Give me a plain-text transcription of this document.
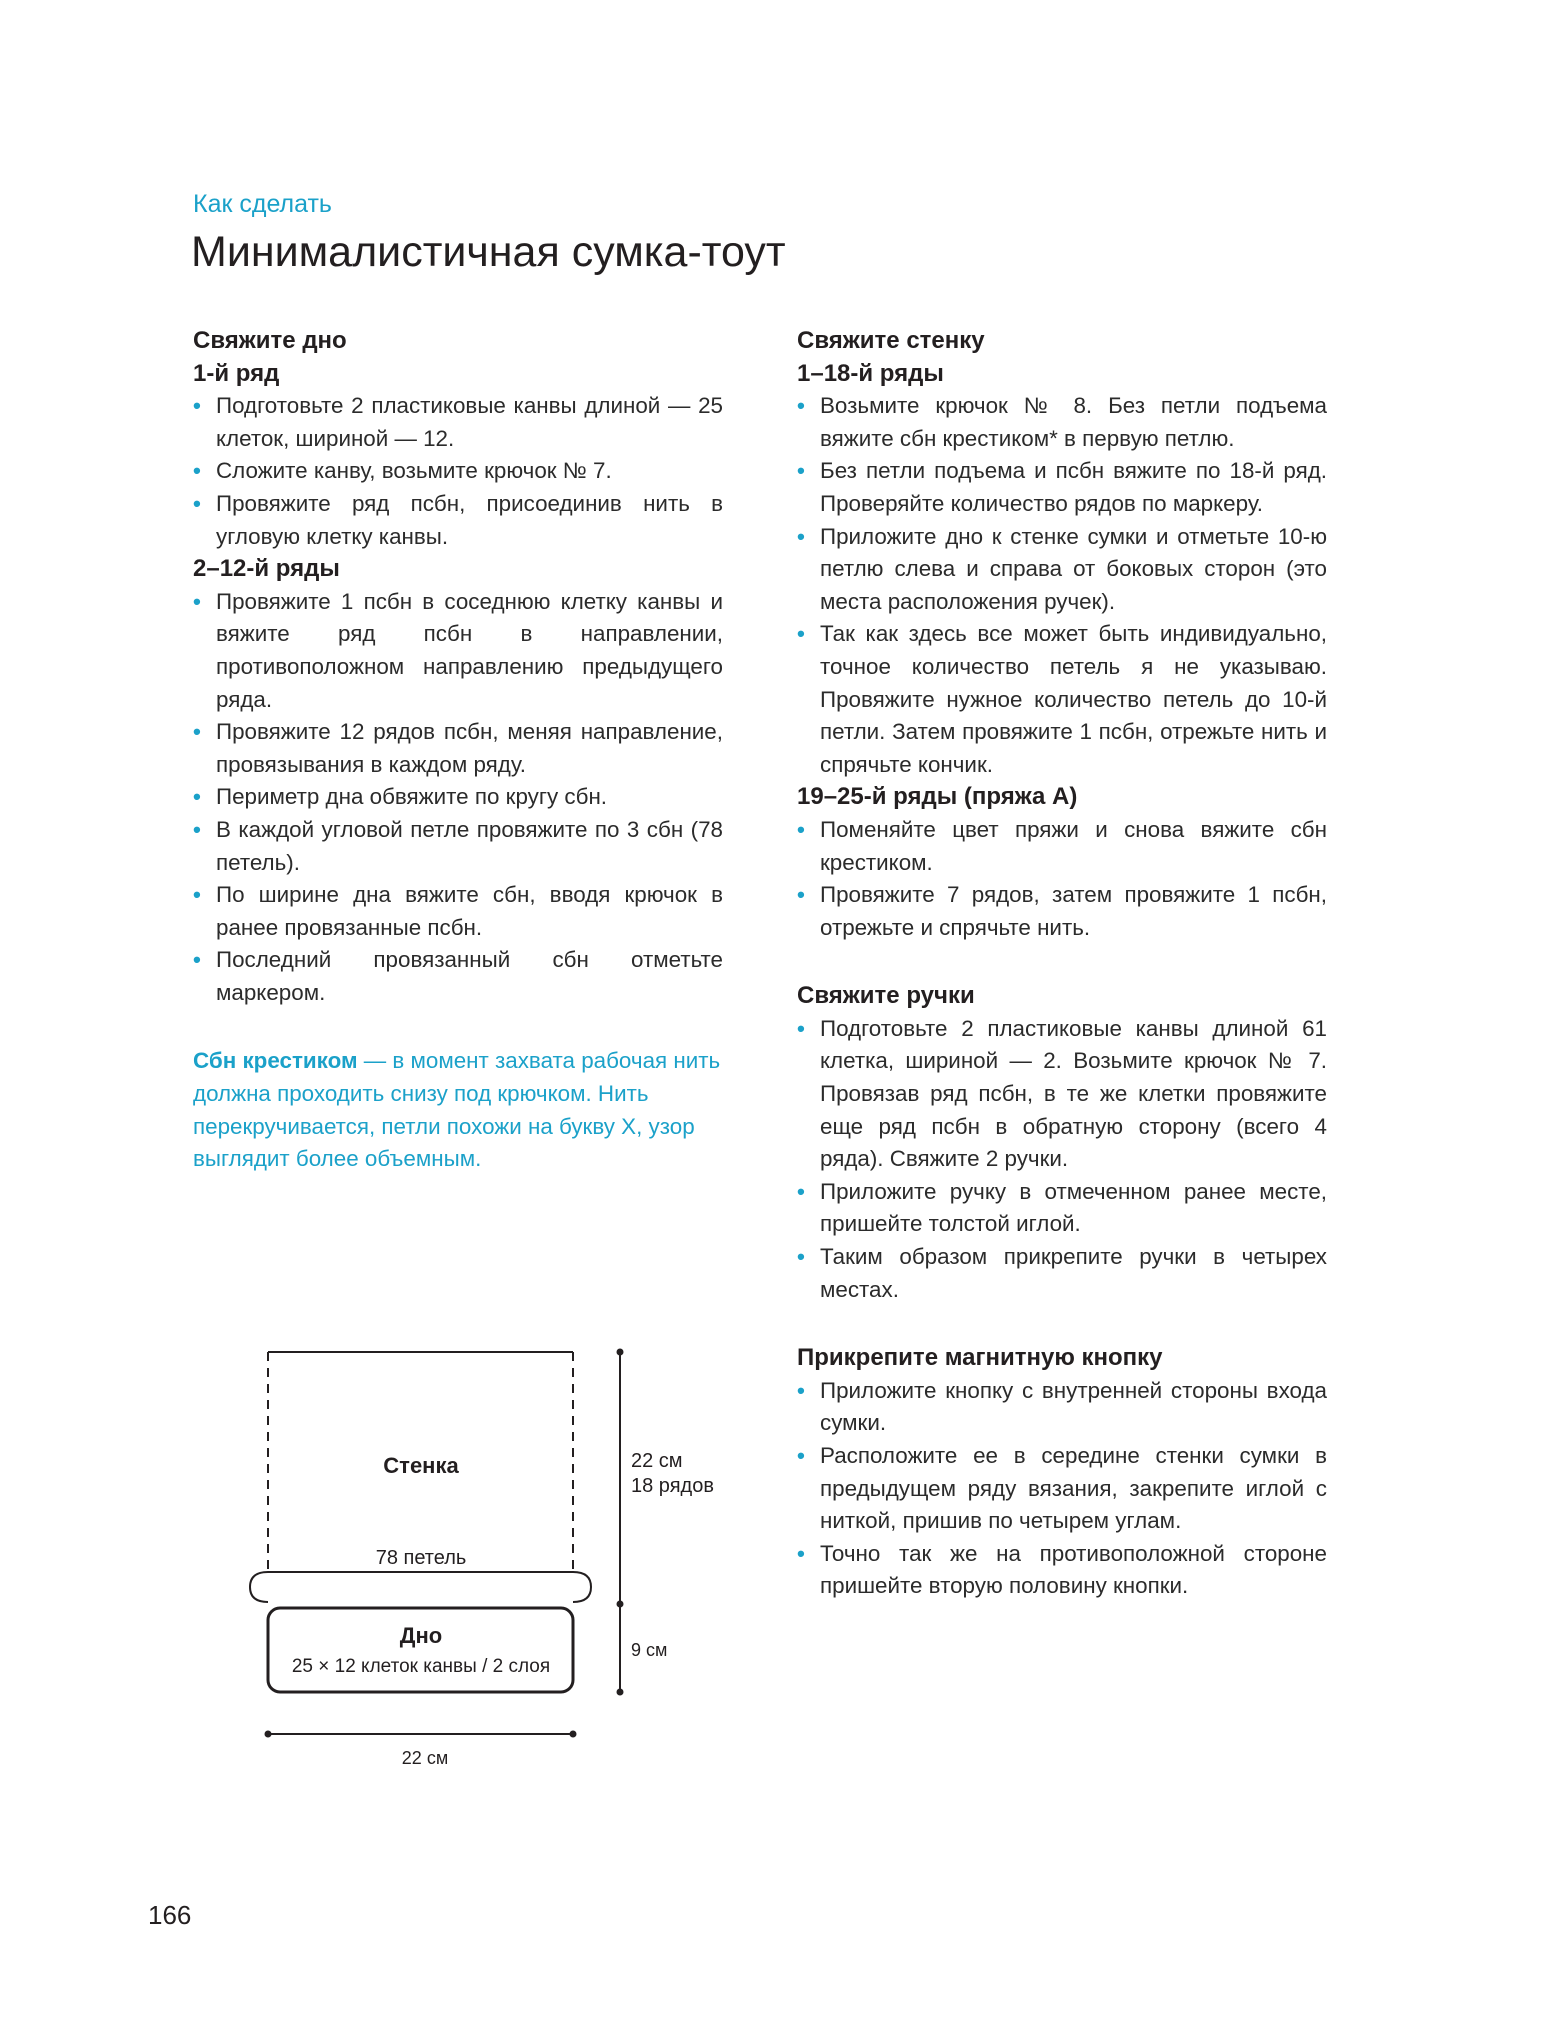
Как сделать
Минималистичная сумка-тоут
Свяжите дно
1-й ряд
• Подготовьте 2 пластиковые канвы длиной — 25 клеток, шириной — 12.
• Сложите канву, возьмите крючок № 7.
• Провяжите ряд псбн, присоединив нить в угловую клетку канвы.
2–12-й ряды
• Провяжите 1 псбн в соседнюю клетку канвы и вяжите ряд псбн в направлении, противоположном направлению предыдущего ряда.
• Провяжите 12 рядов псбн, меняя направление, провязывания в каждом ряду.
• Периметр дна обвяжите по кругу сбн.
• В каждой угловой петле провяжите по 3 сбн (78 петель).
• По ширине дна вяжите сбн, вводя крючок в ранее провязанные псбн.
• Последний провязанный сбн отметьте маркером.
Сбн крестиком — в момент захвата рабочая нить должна проходить снизу под крючком. Нить перекручивается, петли похожи на букву Х, узор выглядит более объемным.
Свяжите стенку
1–18-й ряды
• Возьмите крючок № 8. Без петли подъема вяжите сбн крестиком* в первую петлю.
• Без петли подъема и псбн вяжите по 18-й ряд. Проверяйте количество рядов по маркеру.
• Приложите дно к стенке сумки и отметьте 10-ю петлю слева и справа от боковых сторон (это места расположения ручек).
• Так как здесь все может быть индивидуально, точное количество петель я не указываю. Провяжите нужное количество петель до 10-й петли. Затем провяжите 1 псбн, отрежьте нить и спрячьте кончик.
19–25-й ряды (пряжа А)
• Поменяйте цвет пряжи и снова вяжите сбн крестиком.
• Провяжите 7 рядов, затем провяжите 1 псбн, отрежьте и спрячьте нить.
Свяжите ручки
• Подготовьте 2 пластиковые канвы длиной 61 клетка, шириной — 2. Возьмите крючок № 7. Провязав ряд псбн, в те же клетки провяжите еще ряд псбн в обратную сторону (всего 4 ряда). Свяжите 2 ручки.
• Приложите ручку в отмеченном ранее месте, пришейте толстой иглой.
• Таким образом прикрепите ручки в четырех местах.
Прикрепите магнитную кнопку
• Приложите кнопку с внутренней стороны входа сумки.
• Расположите ее в середине стенки сумки в предыдущем ряду вязания, закрепите иглой с ниткой, пришив по четырем углам.
• Точно так же на противоположной стороне пришейте вторую половину кнопки.
Стенка
78 петель
Дно
25 × 12 клеток канвы / 2 слоя
22 см
18 рядов
9 см
22 см
166
